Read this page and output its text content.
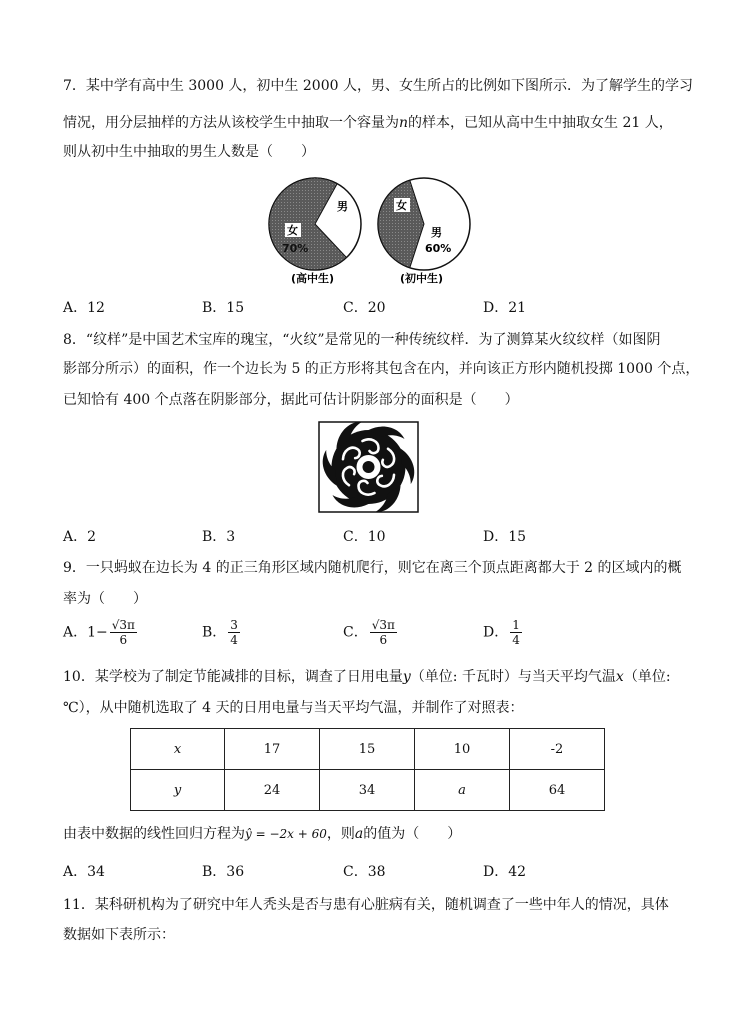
7．某中学有高中生 3000 人，初中生 2000 人，男、女生所占的比例如下图所示．为了解学生的学习
情况，用分层抽样的方法从该校学生中抽取一个容量为n的样本，已知从高中生中抽取女生 21 人，
则从初中生中抽取的男生人数是（　　）
男
女
70%
(高中生)
女
男
60%
(初中生)
A．12	B．15	C．20	D．21
8．“纹样”是中国艺术宝库的瑰宝，“火纹”是常见的一种传统纹样．为了测算某火纹纹样（如图阴
影部分所示）的面积，作一个边长为 5 的正方形将其包含在内，并向该正方形内随机投掷 1000 个点，
已知恰有 400 个点落在阴影部分，据此可估计阴影部分的面积是（　　）
A．2	B．3	C．10	D．15
9．一只蚂蚁在边长为 4 的正三角形区域内随机爬行，则它在离三个顶点距离都大于 2 的区域内的概
率为（　　）
A．$1- \frac{√3\pi}{6}$	B． $\frac{3}{4}$	C． $\frac{√3\pi}{6}$	D． $\frac{1}{4}$
10．某学校为了制定节能减排的目标，调查了日用电量y（单位: 千瓦时）与当天平均气温x（单位:
℃），从中随机选取了 4 天的日用电量与当天平均气温，并制作了对照表：
x	17	15	10	-2
y	24	34	a	64
由表中数据的线性回归方程为ŷ = −2x + 60，则a的值为（　　）
A．34	B．36	C．38	D．42
11．某科研机构为了研究中年人秃头是否与患有心脏病有关，随机调查了一些中年人的情况，具体
数据如下表所示：
